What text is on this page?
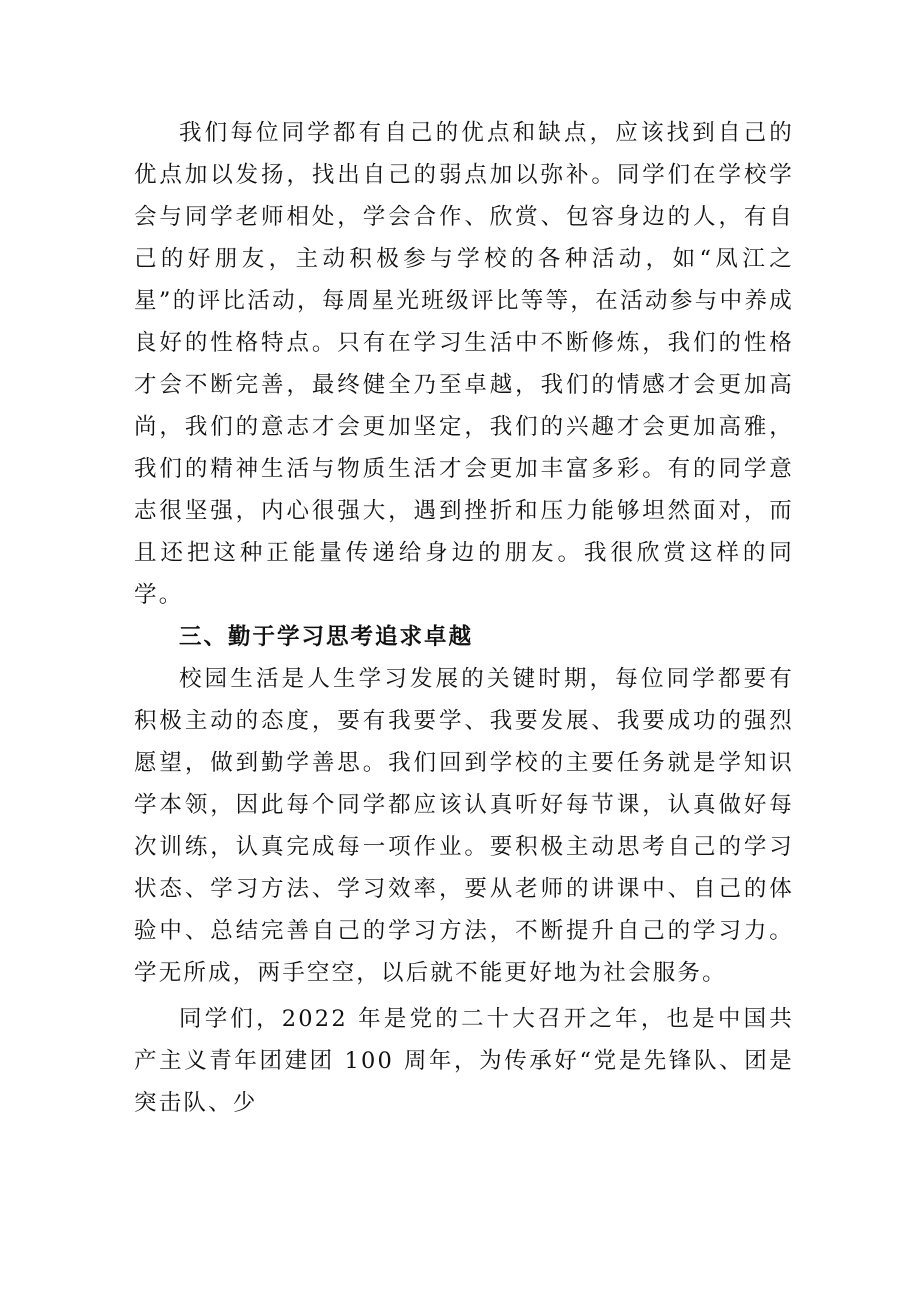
我们每位同学都有自己的优点和缺点，应该找到自己的优点加以发扬，找出自己的弱点加以弥补。同学们在学校学会与同学老师相处，学会合作、欣赏、包容身边的人，有自己的好朋友，主动积极参与学校的各种活动，如“凤江之星”的评比活动，每周星光班级评比等等，在活动参与中养成良好的性格特点。只有在学习生活中不断修炼，我们的性格才会不断完善，最终健全乃至卓越，我们的情感才会更加高尚，我们的意志才会更加坚定，我们的兴趣才会更加高雅，我们的精神生活与物质生活才会更加丰富多彩。有的同学意志很坚强，内心很强大，遇到挫折和压力能够坦然面对，而且还把这种正能量传递给身边的朋友。我很欣赏这样的同学。

三、勤于学习思考追求卓越

校园生活是人生学习发展的关键时期，每位同学都要有积极主动的态度，要有我要学、我要发展、我要成功的强烈愿望，做到勤学善思。我们回到学校的主要任务就是学知识学本领，因此每个同学都应该认真听好每节课，认真做好每次训练，认真完成每一项作业。要积极主动思考自己的学习状态、学习方法、学习效率，要从老师的讲课中、自己的体验中、总结完善自己的学习方法，不断提升自己的学习力。学无所成，两手空空，以后就不能更好地为社会服务。

同学们，2022 年是党的二十大召开之年，也是中国共产主义青年团建团 100 周年，为传承好“党是先锋队、团是突击队、少
